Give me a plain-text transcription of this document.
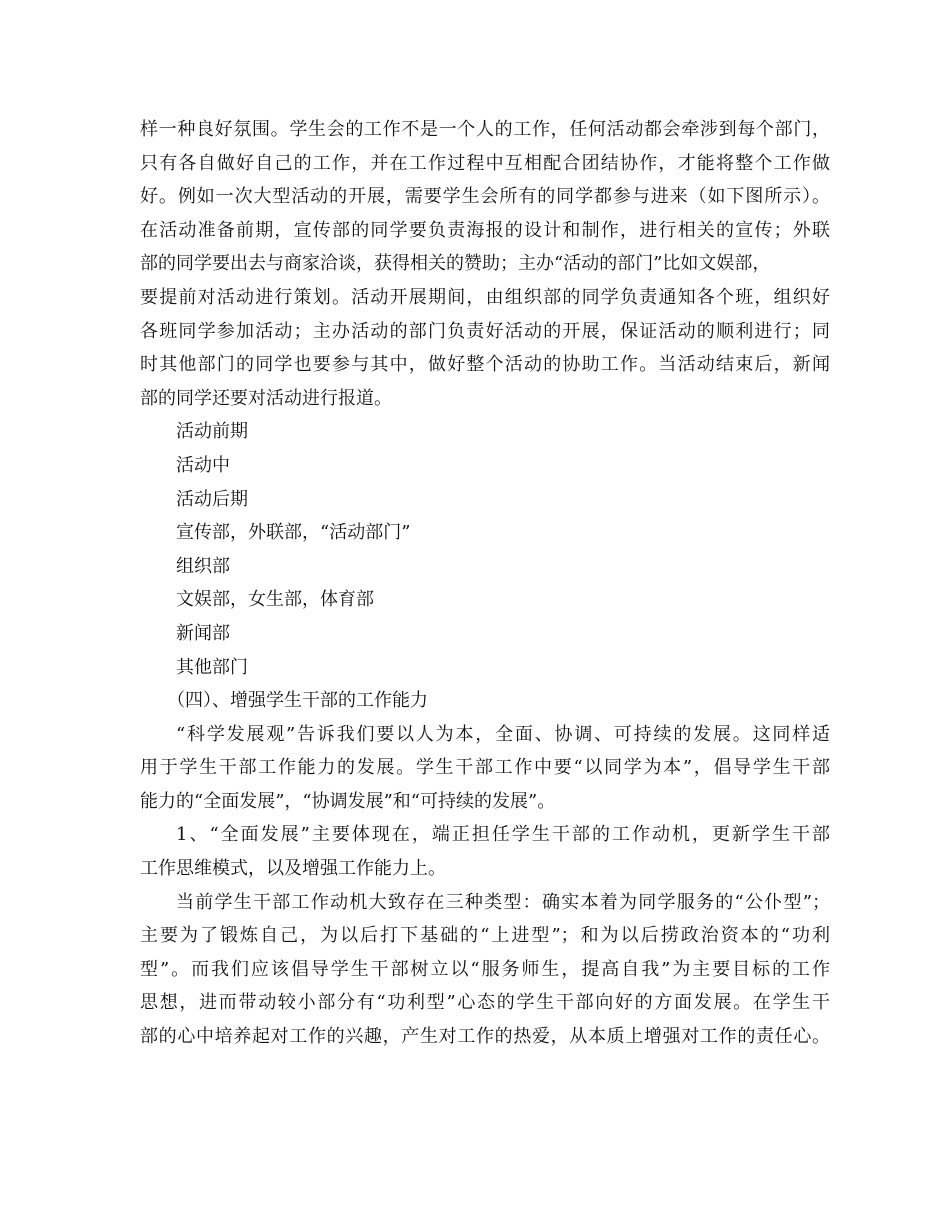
样一种良好氛围。学生会的工作不是一个人的工作，任何活动都会牵涉到每个部门，
只有各自做好自己的工作，并在工作过程中互相配合团结协作，才能将整个工作做
好。例如一次大型活动的开展，需要学生会所有的同学都参与进来（如下图所示）。
在活动准备前期，宣传部的同学要负责海报的设计和制作，进行相关的宣传；外联
部的同学要出去与商家洽谈，获得相关的赞助；主办“活动的部门”比如文娱部，
要提前对活动进行策划。活动开展期间，由组织部的同学负责通知各个班，组织好
各班同学参加活动；主办活动的部门负责好活动的开展，保证活动的顺利进行；同
时其他部门的同学也要参与其中，做好整个活动的协助工作。当活动结束后，新闻
部的同学还要对活动进行报道。
活动前期
活动中
活动后期
宣传部，外联部，“活动部门”
组织部
文娱部，女生部，体育部
新闻部
其他部门
（四）、增强学生干部的工作能力
“科学发展观”告诉我们要以人为本，全面、协调、可持续的发展。这同样适
用于学生干部工作能力的发展。学生干部工作中要“以同学为本”，倡导学生干部
能力的“全面发展”，“协调发展”和“可持续的发展”。
1、“全面发展”主要体现在，端正担任学生干部的工作动机，更新学生干部
工作思维模式，以及增强工作能力上。
当前学生干部工作动机大致存在三种类型：确实本着为同学服务的“公仆型”；
主要为了锻炼自己，为以后打下基础的“上进型”；和为以后捞政治资本的“功利
型”。而我们应该倡导学生干部树立以“服务师生，提高自我”为主要目标的工作
思想，进而带动较小部分有“功利型”心态的学生干部向好的方面发展。在学生干
部的心中培养起对工作的兴趣，产生对工作的热爱，从本质上增强对工作的责任心。
